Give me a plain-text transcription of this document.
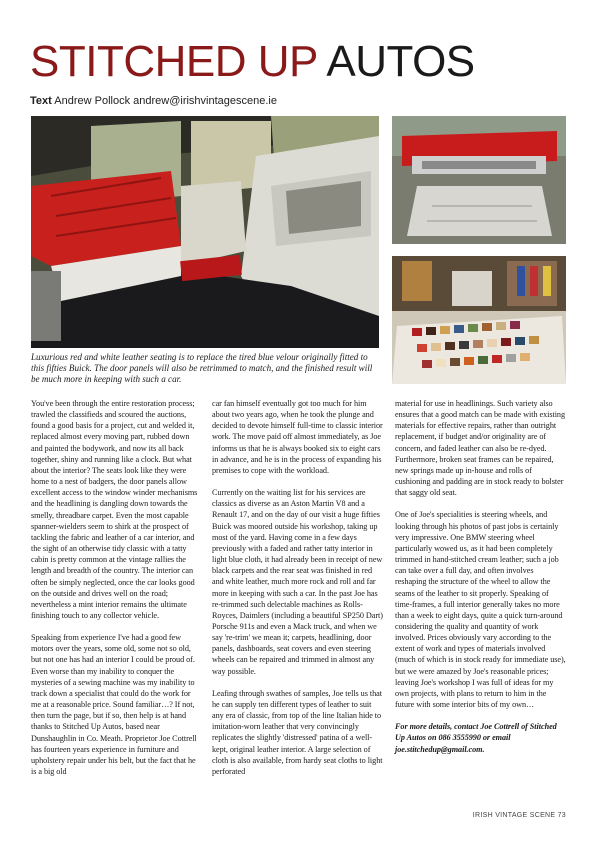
STITCHED UP AUTOS
Text Andrew Pollock andrew@irishvintagescene.ie

Luxurious red and white leather seating is to replace the tired blue velour originally fitted to this fifties Buick. The door panels will also be retrimmed to match, and the finished result will be much more in keeping with such a car.

You've been through the entire restoration process; trawled the classifieds and scoured the auctions, found a good basis for a project, cut and welded it, replaced almost every moving part, rubbed down and painted the bodywork, and now its all back together, shiny and running like a clock. But what about the interior? The seats look like they were home to a nest of badgers, the door panels allow excellent access to the window winder mechanisms and the headlining is dangling down towards the smelly, threadbare carpet. Even the most capable spanner-wielders seem to shirk at the prospect of tackling the fabric and leather of a car interior, and the sight of an otherwise tidy classic with a tatty cabin is pretty common at the vintage rallies the length and breadth of the country. The interior can often be simply neglected, once the car looks good on the outside and drives well on the road; nevertheless a mint interior remains the ultimate finishing touch to any collector vehicle.

Speaking from experience I've had a good few motors over the years, some old, some not so old, but not one has had an interior I could be proud of. Even worse than my inability to conquer the mysteries of a sewing machine was my inability to track down a specialist that could do the work for me at a reasonable price. Sound familiar…? If not, then turn the page, but if so, then help is at hand thanks to Stitched Up Autos, based near Dunshaughlin in Co. Meath. Proprietor Joe Cottrell has fourteen years experience in furniture and upholstery repair under his belt, but the fact that he is a big old

car fan himself eventually got too much for him about two years ago, when he took the plunge and decided to devote himself full-time to classic interior work. The move paid off almost immediately, as Joe informs us that he is always booked six to eight cars in advance, and he is in the process of expanding his premises to cope with the workload.

Currently on the waiting list for his services are classics as diverse as an Aston Martin V8 and a Renault 17, and on the day of our visit a huge fifties Buick was moored outside his workshop, taking up most of the yard. Having come in a few days previously with a faded and rather tatty interior in light blue cloth, it had already been in receipt of new black carpets and the rear seat was finished in red and white leather, much more rock and roll and far more in keeping with such a car. In the past Joe has re-trimmed such delectable machines as Rolls-Royces, Daimlers (including a beautiful SP250 Dart) Porsche 911s and even a Mack truck, and when we say 're-trim' we mean it; carpets, headlining, door panels, dashboards, seat covers and even steering wheels can be repaired and trimmed in almost any way possible.

Leafing through swathes of samples, Joe tells us that he can supply ten different types of leather to suit any era of classic, from top of the line Italian hide to imitation-worn leather that very convincingly replicates the slightly 'distressed' patina of a well-kept, original leather interior. A large selection of cloth is also available, from hardy seat cloths to light perforated

material for use in headlinings. Such variety also ensures that a good match can be made with existing materials for effective repairs, rather than outright replacement, if budget and/or originality are of concern, and faded leather can also be re-dyed. Furthermore, broken seat frames can be repaired, new springs made up in-house and rolls of cushioning and padding are in stock ready to bolster that saggy old seat.

One of Joe's specialities is steering wheels, and looking through his photos of past jobs is certainly very impressive. One BMW steering wheel particularly wowed us, as it had been completely trimmed in hand-stitched cream leather; such a job can take over a full day, and often involves reshaping the structure of the wheel to allow the seams of the leather to sit properly. Speaking of time-frames, a full interior generally takes no more than a week to eight days, quite a quick turn-around considering the quality and quantity of work involved. Prices obviously vary according to the extent of work and types of materials involved (much of which is in stock ready for immediate use), but we were amazed by Joe's reasonable prices; leaving Joe's workshop I was full of ideas for my own projects, with plans to return to him in the future with some interior bits of my own…

For more details, contact Joe Cottrell of Stitched Up Autos on 086 3555990 or email joe.stitchedup@gmail.com.

IRISH VINTAGE SCENE 73
